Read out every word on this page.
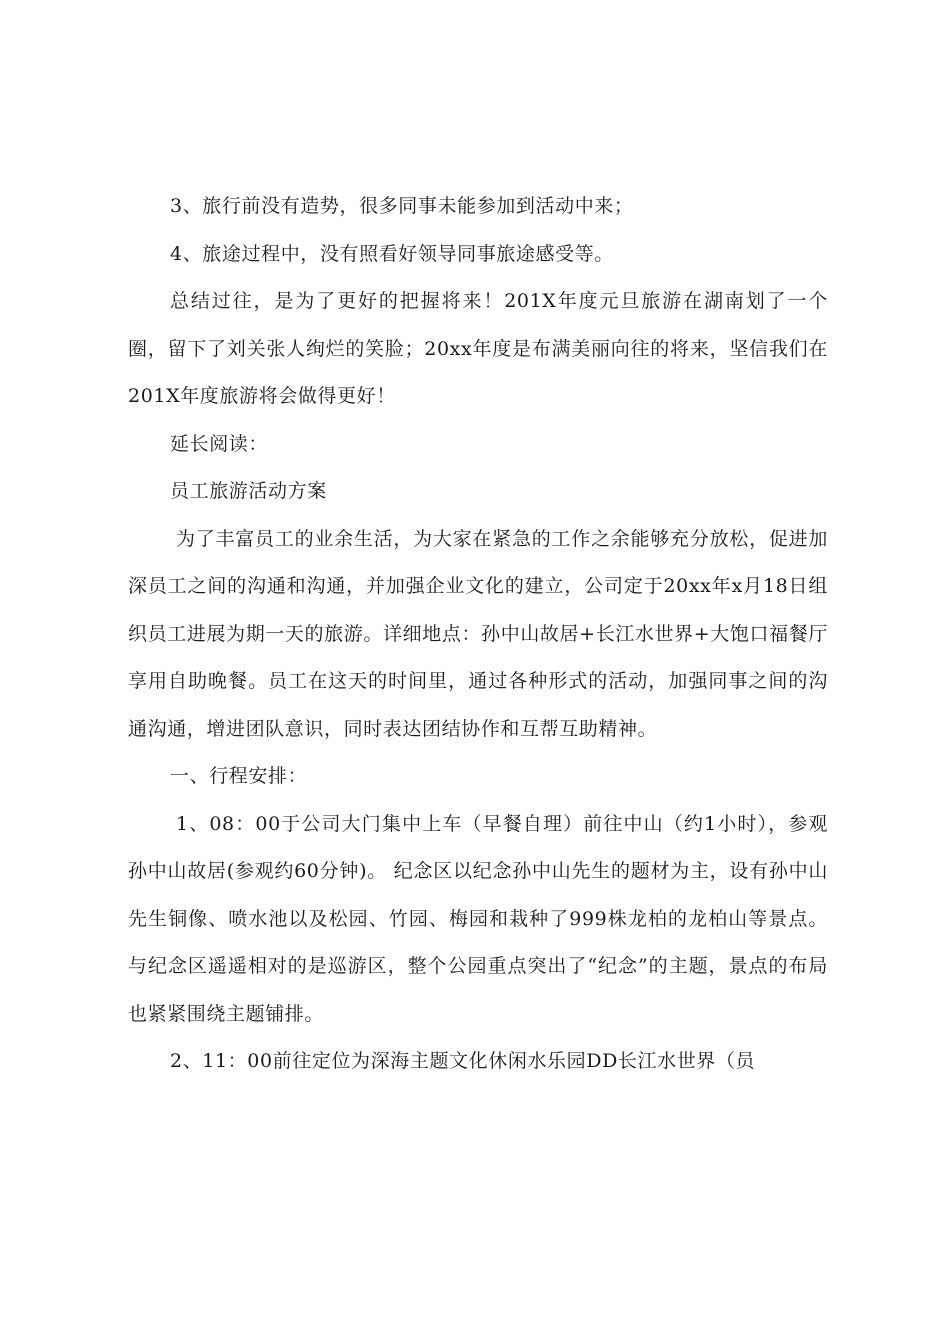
3、旅行前没有造势，很多同事未能参加到活动中来；

4、旅途过程中，没有照看好领导同事旅途感受等。

总结过往，是为了更好的把握将来！201X年度元旦旅游在湖南划了一个圈，留下了刘关张人绚烂的笑脸；20xx年度是布满美丽向往的将来，坚信我们在201X年度旅游将会做得更好！

延长阅读：

员工旅游活动方案

为了丰富员工的业余生活，为大家在紧急的工作之余能够充分放松，促进加深员工之间的沟通和沟通，并加强企业文化的建立，公司定于20xx年x月18日组织员工进展为期一天的旅游。详细地点：孙中山故居+长江水世界+大饱口福餐厅享用自助晚餐。员工在这天的时间里，通过各种形式的活动，加强同事之间的沟通沟通，增进团队意识，同时表达团结协作和互帮互助精神。

一、行程安排：

1、08：00于公司大门集中上车（早餐自理）前往中山（约1小时），参观孙中山故居(参观约60分钟)。 纪念区以纪念孙中山先生的题材为主，设有孙中山先生铜像、喷水池以及松园、竹园、梅园和栽种了999株龙柏的龙柏山等景点。与纪念区遥遥相对的是巡游区，整个公园重点突出了“纪念”的主题，景点的布局也紧紧围绕主题铺排。

2、11：00前往定位为深海主题文化休闲水乐园DD长江水世界（员
